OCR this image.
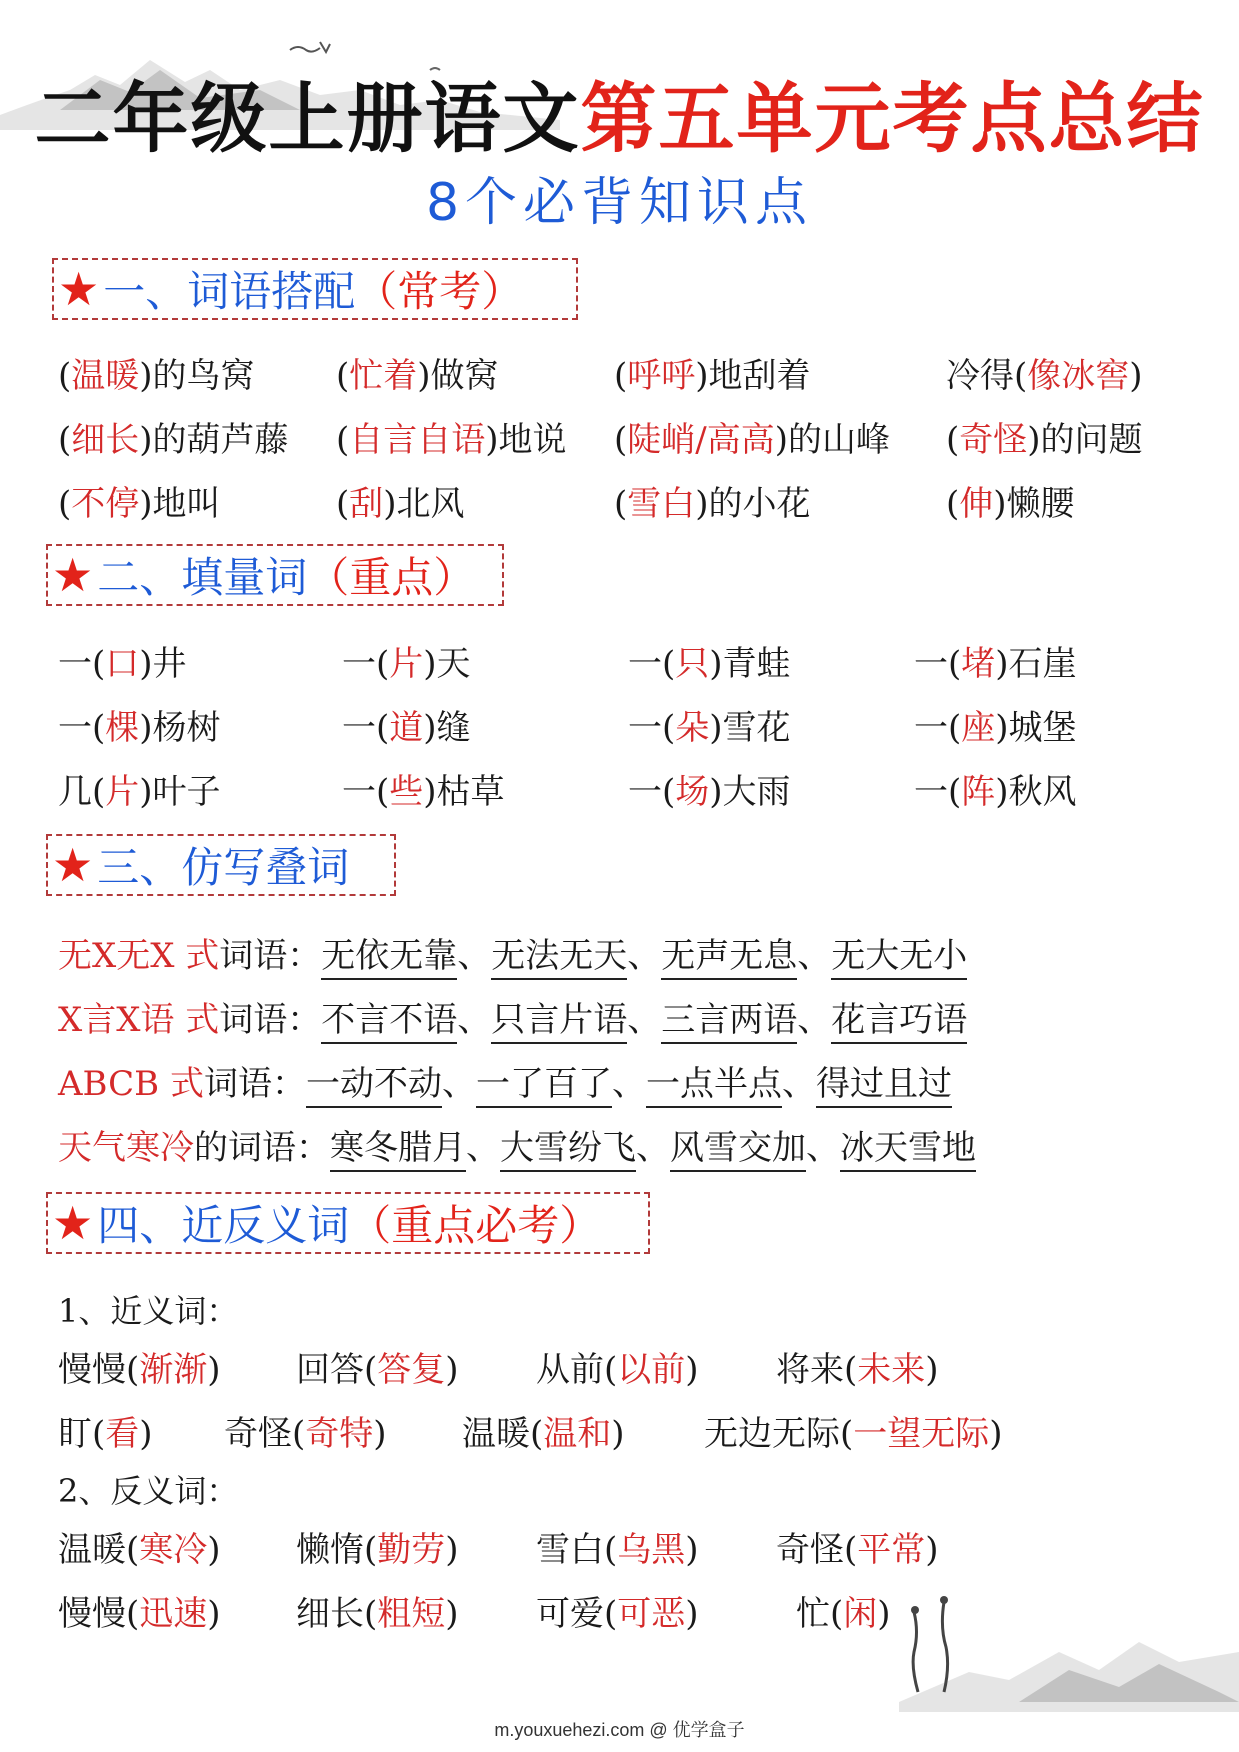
二年级上册语文第五单元考点总结
8个必背知识点
★ 一、词语搭配 （常考）
(温暖)的鸟窝 (忙着)做窝	(呼呼)地刮着	冷得(像冰窖)
(细长)的葫芦藤 (自言自语)地说 (陡峭/高高)的山峰 (奇怪)的问题
(不停)地叫	(刮)北风	(雪白)的小花	(伸)懒腰
★ 二、填量词 （重点）
一(口)井	一(片)天	一(只)青蛙	一(堵)石崖
一(棵)杨树	一(道)缝	一(朵)雪花	一(座)城堡
几(片)叶子	一(些)枯草	一(场)大雨	一(阵)秋风
★ 三、仿写叠词
无X无X 式词语：无依无靠、无法无天、无声无息、无大无小
X言X语 式词语：不言不语、只言片语、三言两语、花言巧语
ABCB 式词语：一动不动、一了百了、一点半点、得过且过
天气寒冷的词语：寒冬腊月、大雪纷飞、风雪交加、冰天雪地
★ 四、近反义词 （重点必考）
1、近义词：
慢慢(渐渐) 回答(答复) 从前(以前) 将来(未来)
盯(看) 奇怪(奇特) 温暖(温和) 无边无际(一望无际)
2、反义词：
温暖(寒冷) 懒惰(勤劳) 雪白(乌黑) 奇怪(平常)
慢慢(迅速) 细长(粗短) 可爱(可恶)	忙(闲)
m.youxuehezi.com @ 优学盒子
